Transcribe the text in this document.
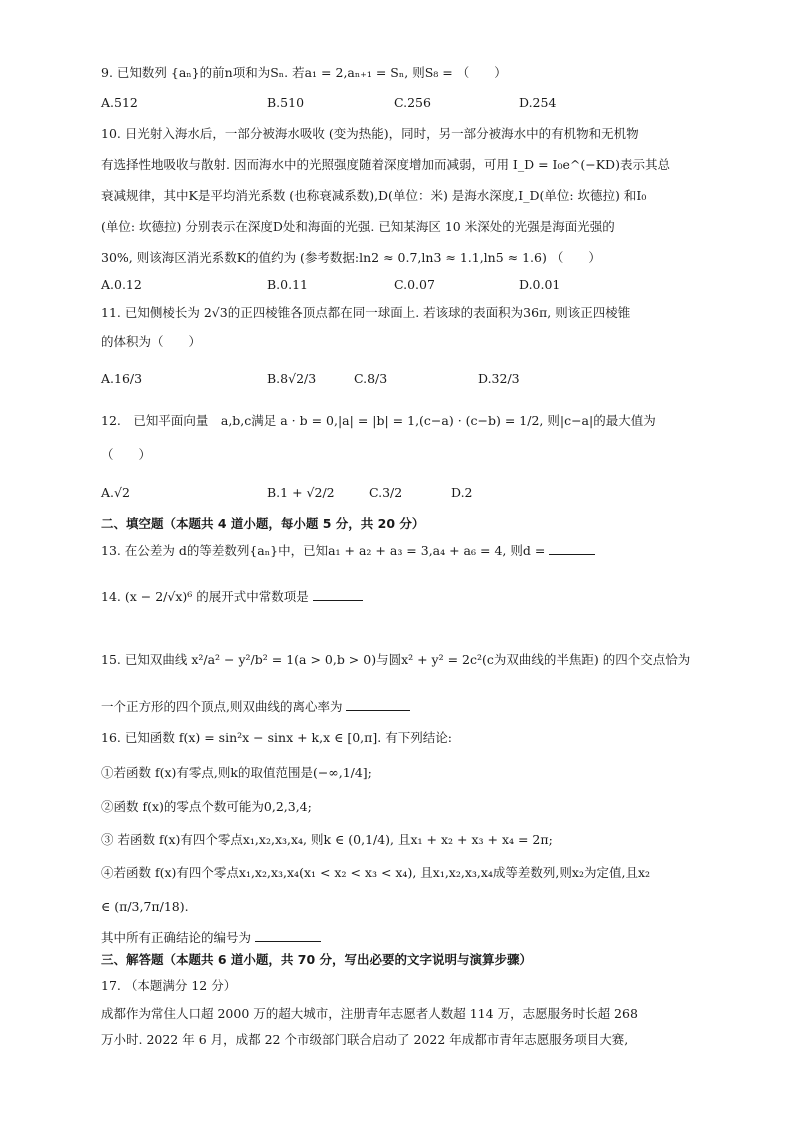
9. 已知数列 {aₙ}的前n项和为Sₙ. 若a₁ = 2,aₙ₊₁ = Sₙ, 则S₈ = （　　）
A.512	B.510	C.256	D.254
10. 日光射入海水后，一部分被海水吸收 (变为热能)，同时，另一部分被海水中的有机物和无机物
有选择性地吸收与散射. 因而海水中的光照强度随着深度增加而减弱，可用 I_D = I₀e^(−KD)表示其总
衰减规律，其中K是平均消光系数 (也称衰减系数),D(单位：米) 是海水深度,I_D(单位: 坎德拉) 和I₀
(单位: 坎德拉) 分别表示在深度D处和海面的光强. 已知某海区 10 米深处的光强是海面光强的
30%, 则该海区消光系数K的值约为 (参考数据:ln2 ≈ 0.7,ln3 ≈ 1.1,ln5 ≈ 1.6) （　　）
A.0.12	B.0.11	C.0.07	D.0.01
11. 已知侧棱长为 2√3的正四棱锥各顶点都在同一球面上. 若该球的表面积为36π, 则该正四棱锥
的体积为（　　）
A.16/3	B.8√2/3	C.8/3	D.32/3
12.　已知平面向量　a,b,c满足 a · b = 0,|a| = |b| = 1,(c−a) · (c−b) = 1/2, 则|c−a|的最大值为
（　　）
A.√2	B.1 + √2/2	C.3/2	D.2
二、填空题（本题共 4 道小题，每小题 5 分，共 20 分）
13. 在公差为 d的等差数列{aₙ}中，已知a₁ + a₂ + a₃ = 3,a₄ + a₆ = 4, 则d =
14. (x − 2/√x)⁶ 的展开式中常数项是
15. 已知双曲线 x²/a² − y²/b² = 1(a > 0,b > 0)与圆x² + y² = 2c²(c为双曲线的半焦距) 的四个交点恰为
一个正方形的四个顶点,则双曲线的离心率为
16. 已知函数 f(x) = sin²x − sinx + k,x ∈ [0,π]. 有下列结论:
①若函数 f(x)有零点,则k的取值范围是(−∞,1/4];
②函数 f(x)的零点个数可能为0,2,3,4;
③ 若函数 f(x)有四个零点x₁,x₂,x₃,x₄, 则k ∈ (0,1/4), 且x₁ + x₂ + x₃ + x₄ = 2π;
④若函数 f(x)有四个零点x₁,x₂,x₃,x₄(x₁ < x₂ < x₃ < x₄), 且x₁,x₂,x₃,x₄成等差数列,则x₂为定值,且x₂
∈ (π/3,7π/18).
其中所有正确结论的编号为
三、解答题（本题共 6 道小题，共 70 分，写出必要的文字说明与演算步骤）
17. （本题满分 12 分）
成都作为常住人口超 2000 万的超大城市，注册青年志愿者人数超 114 万，志愿服务时长超 268
万小时. 2022 年 6 月，成都 22 个市级部门联合启动了 2022 年成都市青年志愿服务项目大赛,
